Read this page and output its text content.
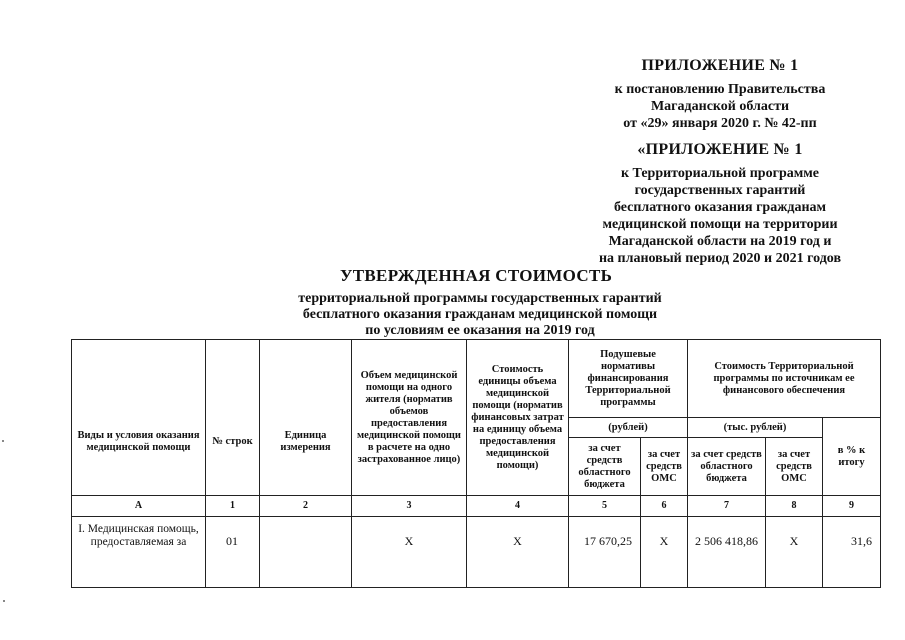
ПРИЛОЖЕНИЕ № 1
к постановлению Правительства
Магаданской области
от «29» января 2020 г. № 42-пп
«ПРИЛОЖЕНИЕ № 1
к Территориальной программе
государственных гарантий
бесплатного оказания гражданам
медицинской помощи на территории
Магаданской области на 2019 год и
на плановый период 2020 и 2021 годов
УТВЕРЖДЕННАЯ СТОИМОСТЬ
территориальной программы государственных гарантий
бесплатного оказания гражданам медицинской помощи
по условиям ее оказания на 2019 год
Виды и условия оказания медицинской помощи	№ строк	Единица измерения	Объем медицинской помощи на одного жителя (норматив объемов предоставления медицинской помощи в расчете на одно застрахованное лицо)	Стоимость единицы объема медицинской помощи (норматив финансовых затрат на единицу объема предоставления медицинской помощи)	Подушевые нормативы финансирования Территориальной программы		Стоимость Территориальной программы по источникам ее финансового обеспечения		
					(рублей)		(тыс. рублей)		в % к итогу
					за счет средств областного бюджета	за счет средств ОМС	за счет средств областного бюджета	за счет средств ОМС	
А	1	2	3	4	5	6	7	8	9
I. Медицинская помощь, предоставляемая за	01		Х	Х	17 670,25	Х	2 506 418,86	Х	31,6
